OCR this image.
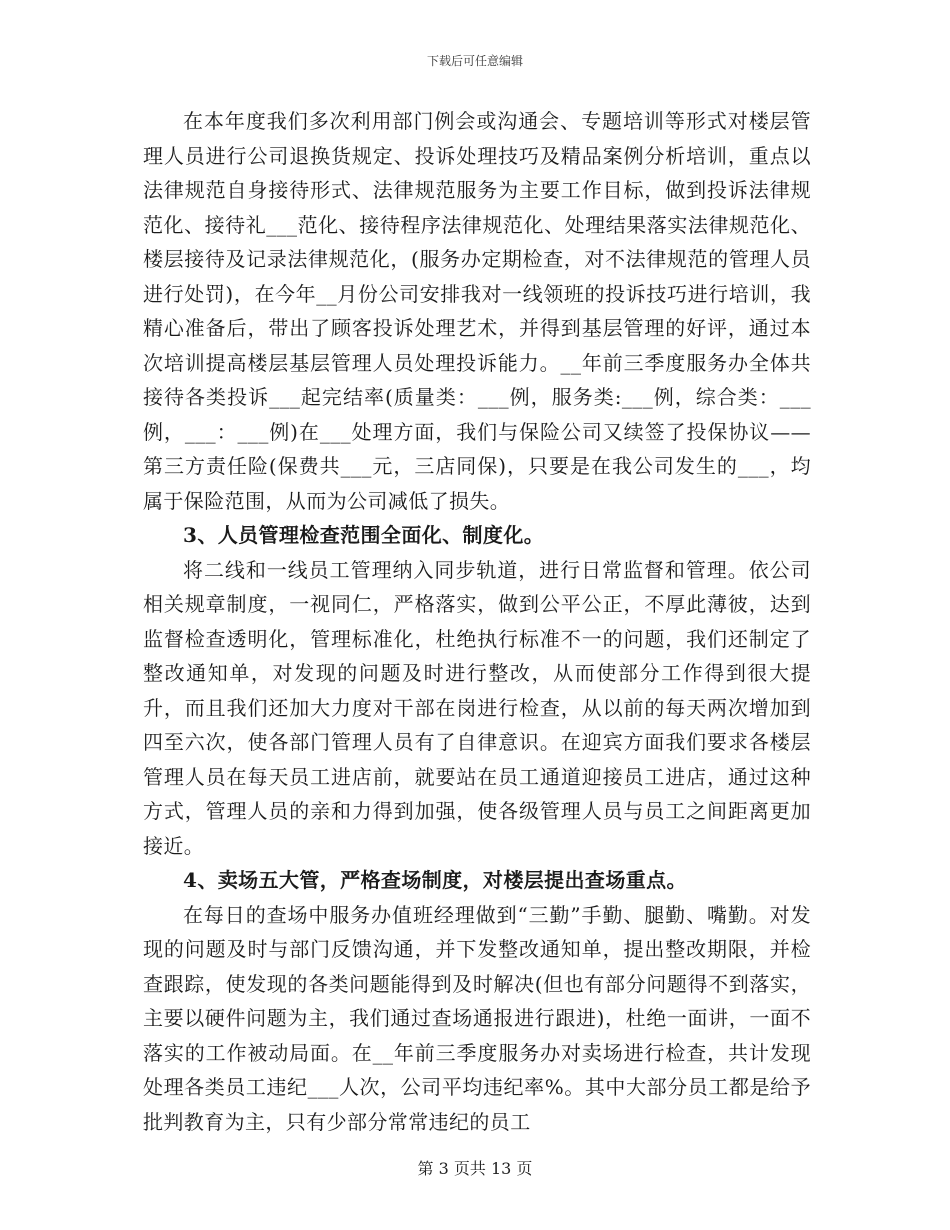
下载后可任意编辑

在本年度我们多次利用部门例会或沟通会、专题培训等形式对楼层管理人员进行公司退换货规定、投诉处理技巧及精品案例分析培训，重点以法律规范自身接待形式、法律规范服务为主要工作目标，做到投诉法律规范化、接待礼___范化、接待程序法律规范化、处理结果落实法律规范化、楼层接待及记录法律规范化，(服务办定期检查，对不法律规范的管理人员进行处罚)，在今年__月份公司安排我对一线领班的投诉技巧进行培训，我精心准备后，带出了顾客投诉处理艺术，并得到基层管理的好评，通过本次培训提高楼层基层管理人员处理投诉能力。__年前三季度服务办全体共接待各类投诉___起完结率(质量类：___例，服务类:___例，综合类：___例，___：___例)在___处理方面，我们与保险公司又续签了投保协议——第三方责任险(保费共___元，三店同保)，只要是在我公司发生的___，均属于保险范围，从而为公司减低了损失。

3、人员管理检查范围全面化、制度化。

将二线和一线员工管理纳入同步轨道，进行日常监督和管理。依公司相关规章制度，一视同仁，严格落实，做到公平公正，不厚此薄彼，达到监督检查透明化，管理标准化，杜绝执行标准不一的问题，我们还制定了整改通知单，对发现的问题及时进行整改，从而使部分工作得到很大提升，而且我们还加大力度对干部在岗进行检查，从以前的每天两次增加到四至六次，使各部门管理人员有了自律意识。在迎宾方面我们要求各楼层管理人员在每天员工进店前，就要站在员工通道迎接员工进店，通过这种方式，管理人员的亲和力得到加强，使各级管理人员与员工之间距离更加接近。

4、卖场五大管，严格查场制度，对楼层提出查场重点。

在每日的查场中服务办值班经理做到“三勤”手勤、腿勤、嘴勤。对发现的问题及时与部门反馈沟通，并下发整改通知单，提出整改期限，并检查跟踪，使发现的各类问题能得到及时解决(但也有部分问题得不到落实，主要以硬件问题为主，我们通过查场通报进行跟进)，杜绝一面讲，一面不落实的工作被动局面。在__年前三季度服务办对卖场进行检查，共计发现处理各类员工违纪___人次，公司平均违纪率%。其中大部分员工都是给予批判教育为主，只有少部分常常违纪的员工

第 3 页共 13 页
